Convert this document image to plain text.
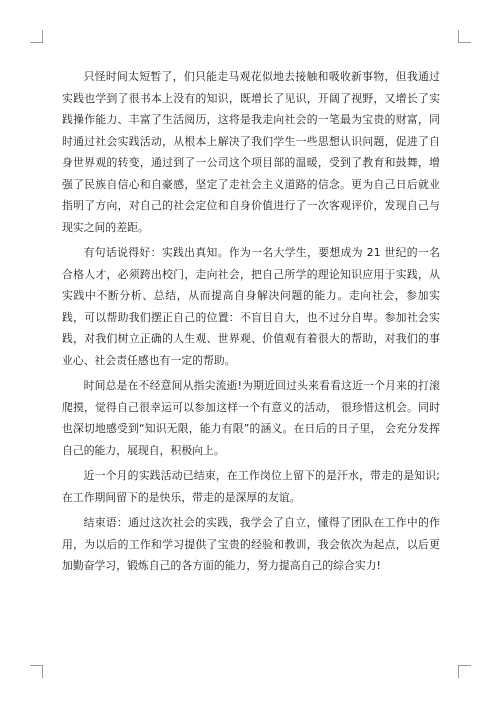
只怪时间太短暂了，们只能走马观花似地去接触和吸收新事物，但我通过实践也学到了很书本上没有的知识，既增长了见识，开阔了视野，又增长了实践操作能力、丰富了生活阅历，这将是我走向社会的一笔最为宝贵的财富，同时通过社会实践活动，从根本上解决了我们学生一些思想认识问题，促进了自身世界观的转变，通过到了一公司这个项目部的温暖，受到了教育和鼓舞，增强了民族自信心和自豪感，坚定了走社会主义道路的信念。更为自己日后就业指明了方向，对自己的社会定位和自身价值进行了一次客观评价，发现自己与现实之间的差距。

有句话说得好：实践出真知。作为一名大学生，要想成为 21 世纪的一名合格人才，必须跨出校门，走向社会，把自己所学的理论知识应用于实践，从实践中不断分析、总结，从而提高自身解决问题的能力。走向社会，参加实践，可以帮助我们摆正自己的位置：不盲目自大，也不过分自卑。参加社会实践，对我们树立正确的人生观、世界观、价值观有着很大的帮助，对我们的事业心、社会责任感也有一定的帮助。

时间总是在不经意间从指尖流逝!为期近回过头来看看这近一个月来的打滚爬摸，觉得自己很幸运可以参加这样一个有意义的活动， 很珍惜这机会。同时也深切地感受到“知识无限，能力有限”的涵义。在日后的日子里， 会充分发挥自己的能力，展现自，积极向上。

近一个月的实践活动已结束，在工作岗位上留下的是汗水，带走的是知识;在工作期间留下的是快乐，带走的是深厚的友谊。

结束语：通过这次社会的实践，我学会了自立，懂得了团队在工作中的作用，为以后的工作和学习提供了宝贵的经验和教训，我会依次为起点，以后更加勤奋学习，锻炼自己的各方面的能力，努力提高自己的综合实力!
